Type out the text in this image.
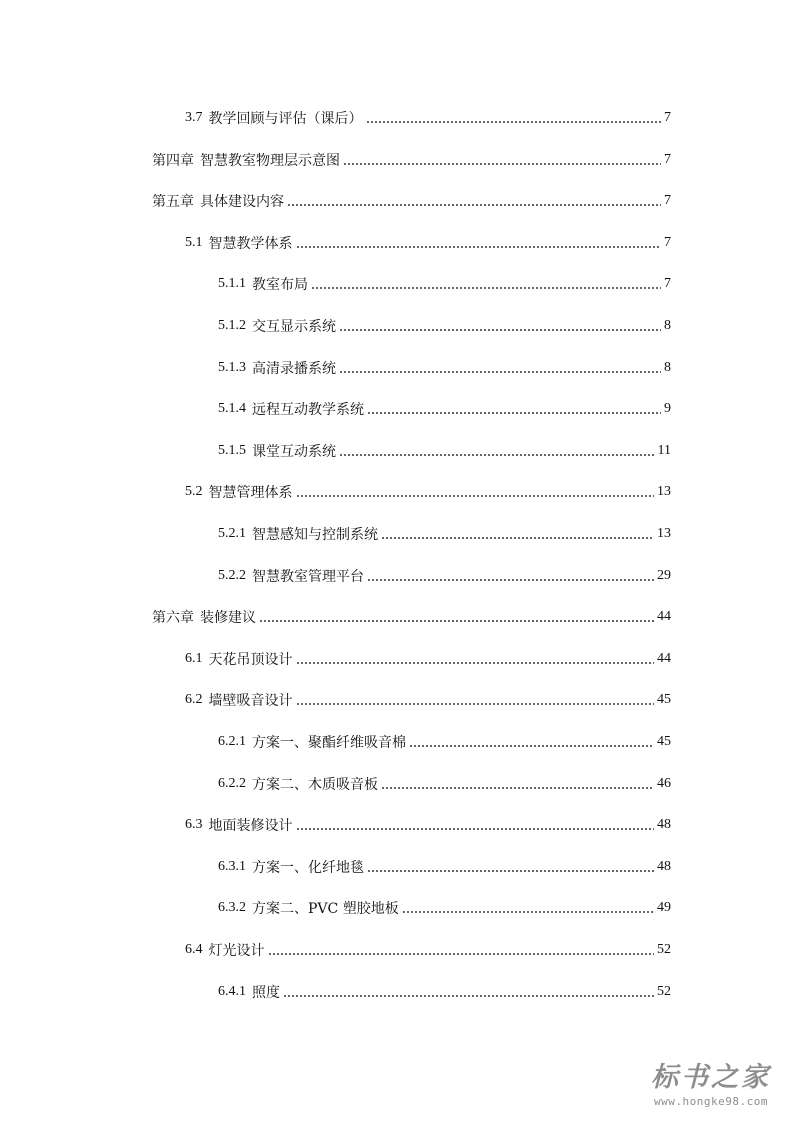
3.7 教学回顾与评估（课后）	7
第四章 智慧教室物理层示意图	7
第五章 具体建设内容	7
5.1 智慧教学体系	7
5.1.1 教室布局	7
5.1.2 交互显示系统	8
5.1.3 高清录播系统	8
5.1.4 远程互动教学系统	9
5.1.5 课堂互动系统	11
5.2 智慧管理体系	13
5.2.1 智慧感知与控制系统	13
5.2.2 智慧教室管理平台	29
第六章 装修建议	44
6.1 天花吊顶设计	44
6.2 墙壁吸音设计	45
6.2.1 方案一、聚酯纤维吸音棉	45
6.2.2 方案二、木质吸音板	46
6.3 地面装修设计	48
6.3.1 方案一、化纤地毯	48
6.3.2 方案二、PVC 塑胶地板	49
6.4 灯光设计	52
6.4.1 照度	52
标书之家
www.hongke98.com
